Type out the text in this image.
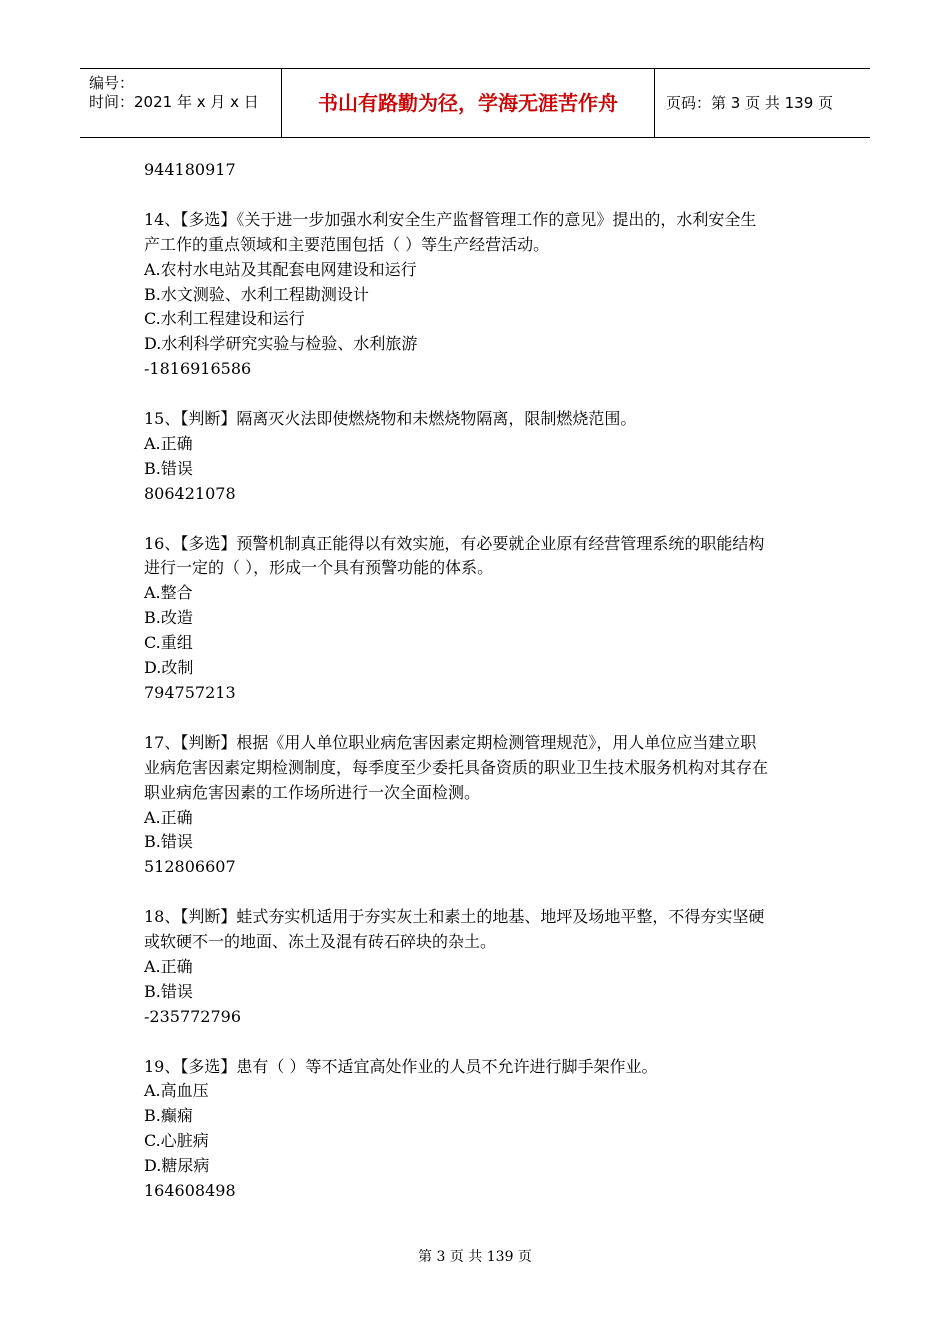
编号：
时间：2021 年 x 月 x 日	书山有路勤为径，学海无涯苦作舟	页码：第 3 页 共 139 页

944180917

14、【多选】《关于进一步加强水利安全生产监督管理工作的意见》提出的，水利安全生

产工作的重点领域和主要范围包括（ ）等生产经营活动。

A.农村水电站及其配套电网建设和运行

B.水文测验、水利工程勘测设计

C.水利工程建设和运行

D.水利科学研究实验与检验、水利旅游

-1816916586

15、【判断】隔离灭火法即使燃烧物和未燃烧物隔离，限制燃烧范围。

A.正确

B.错误

806421078

16、【多选】预警机制真正能得以有效实施，有必要就企业原有经营管理系统的职能结构

进行一定的（ ），形成一个具有预警功能的体系。

A.整合

B.改造

C.重组

D.改制

794757213

17、【判断】根据《用人单位职业病危害因素定期检测管理规范》，用人单位应当建立职

业病危害因素定期检测制度，每季度至少委托具备资质的职业卫生技术服务机构对其存在

职业病危害因素的工作场所进行一次全面检测。

A.正确

B.错误

512806607

18、【判断】蛙式夯实机适用于夯实灰土和素土的地基、地坪及场地平整，不得夯实坚硬

或软硬不一的地面、冻土及混有砖石碎块的杂土。

A.正确

B.错误

-235772796

19、【多选】患有（ ）等不适宜高处作业的人员不允许进行脚手架作业。

A.高血压

B.癫痫

C.心脏病

D.糖尿病

164608498

第 3 页 共 139 页
